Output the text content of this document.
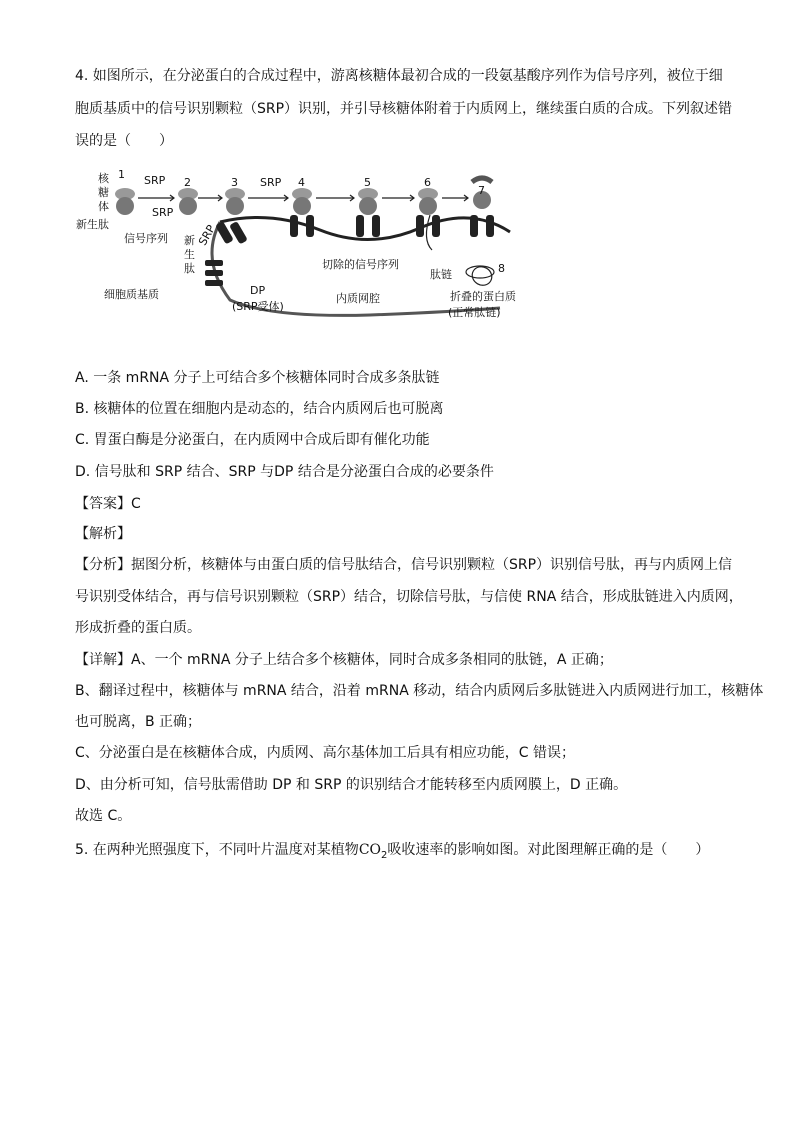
4. 如图所示，在分泌蛋白的合成过程中，游离核糖体最初合成的一段氨基酸序列作为信号序列，被位于细
胞质基质中的信号识别颗粒（SRP）识别，并引导核糖体附着于内质网上，继续蛋白质的合成。下列叙述错
误的是（　　）
1
2	3	4	5	6
7
8
核
糖
体
新生肽
SRP	SRP
SRP
SRP
信号序列 新
生
肽
DP
(SRP受体)
细胞质基质	内质网腔
切除的信号序列
肽链
折叠的蛋白质
(正常肽链)
A. 一条 mRNA 分子上可结合多个核糖体同时合成多条肽链
B. 核糖体的位置在细胞内是动态的，结合内质网后也可脱离
C. 胃蛋白酶是分泌蛋白，在内质网中合成后即有催化功能
D. 信号肽和 SRP 结合、SRP 与DP 结合是分泌蛋白合成的必要条件
【答案】C
【解析】
【分析】据图分析，核糖体与由蛋白质的信号肽结合，信号识别颗粒（SRP）识别信号肽，再与内质网上信
号识别受体结合，再与信号识别颗粒（SRP）结合，切除信号肽，与信使 RNA 结合，形成肽链进入内质网，
形成折叠的蛋白质。
【详解】A、一个 mRNA 分子上结合多个核糖体，同时合成多条相同的肽链，A 正确；
B、翻译过程中，核糖体与 mRNA 结合，沿着 mRNA 移动，结合内质网后多肽链进入内质网进行加工，核糖体
也可脱离，B 正确；
C、分泌蛋白是在核糖体合成，内质网、高尔基体加工后具有相应功能，C 错误；
D、由分析可知，信号肽需借助 DP 和 SRP 的识别结合才能转移至内质网膜上，D 正确。
故选 C。
5. 在两种光照强度下，不同叶片温度对某植物$CO_2$吸收速率的影响如图。对此图理解正确的是（　　）
